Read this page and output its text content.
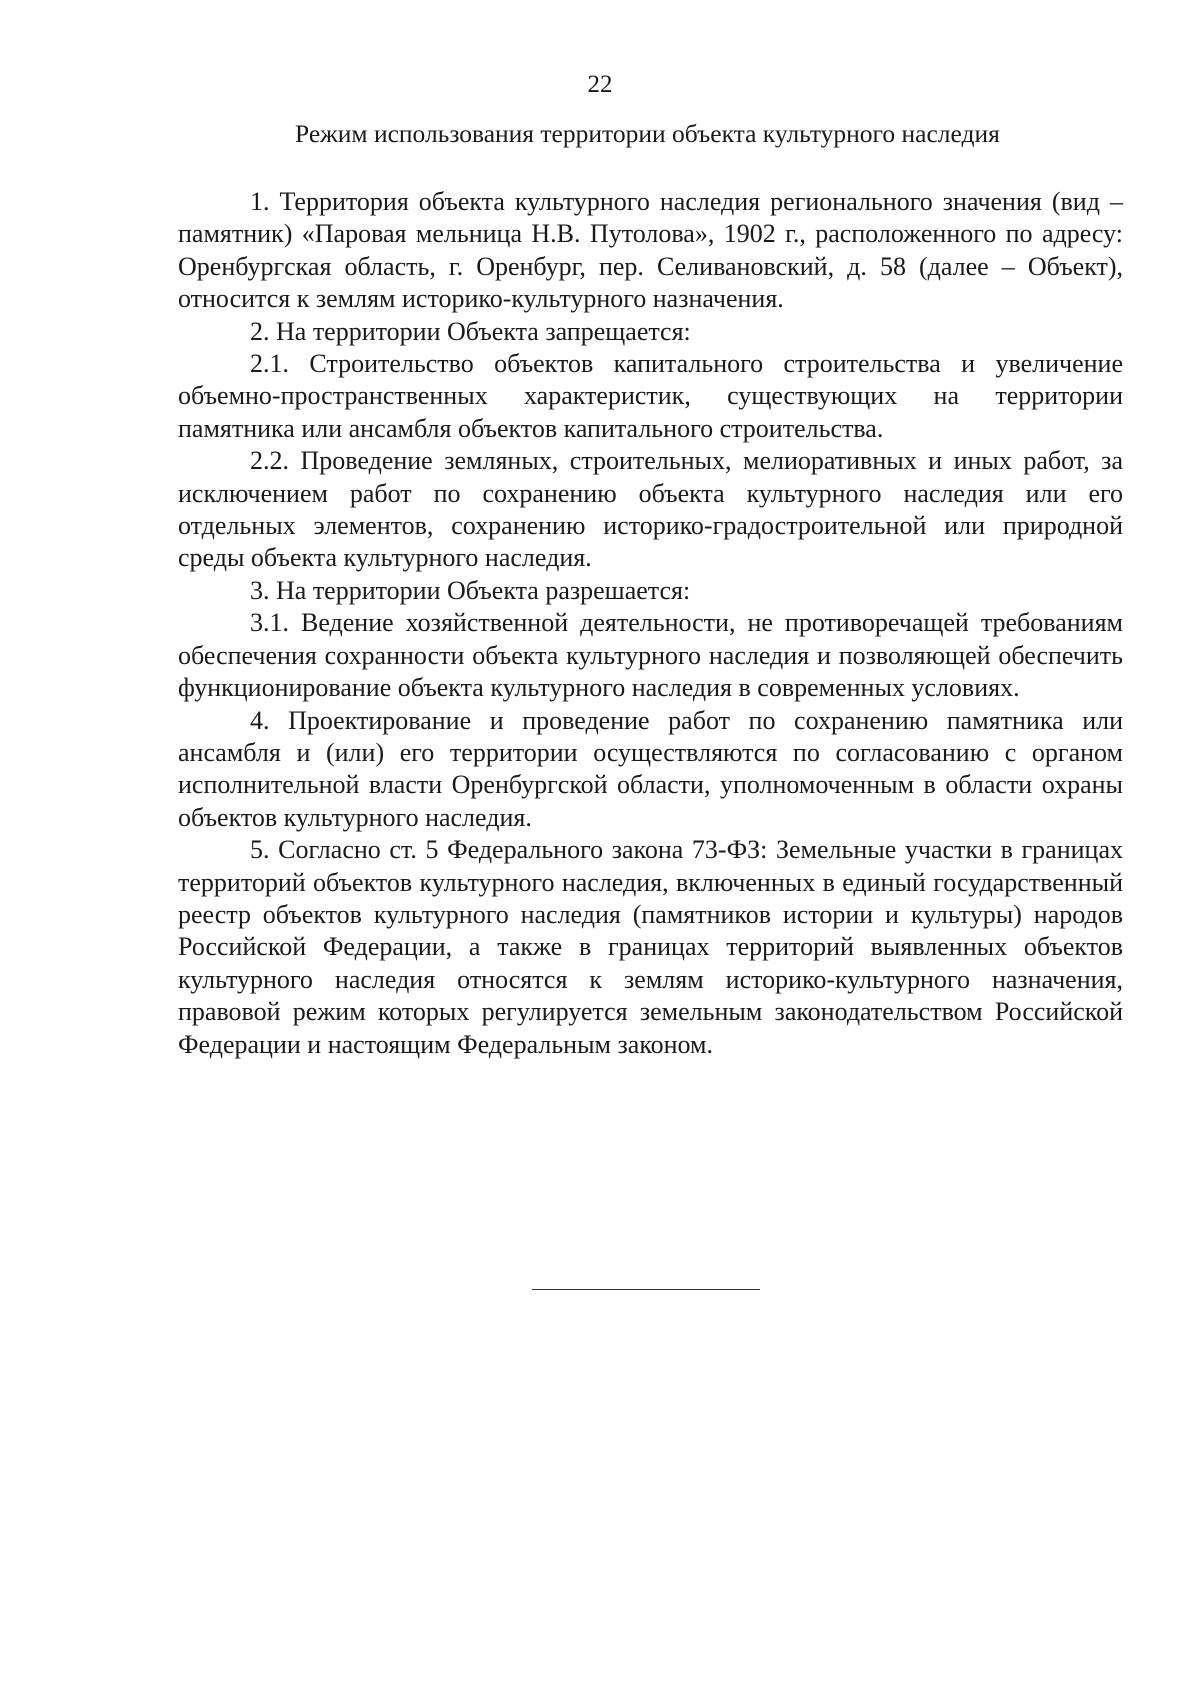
22
Режим использования территории объекта культурного наследия

1. Территория объекта культурного наследия регионального значения (вид – памятник) «Паровая мельница Н.В. Путолова», 1902 г., расположенного по адресу: Оренбургская область, г. Оренбург, пер. Селивановский, д. 58 (далее – Объект), относится к землям историко-культурного назначения.

2. На территории Объекта запрещается:

2.1. Строительство объектов капитального строительства и увеличение объемно-пространственных характеристик, существующих на территории памятника или ансамбля объектов капитального строительства.

2.2. Проведение земляных, строительных, мелиоративных и иных работ, за исключением работ по сохранению объекта культурного наследия или его отдельных элементов, сохранению историко-градостроительной или природной среды объекта культурного наследия.

3. На территории Объекта разрешается:

3.1. Ведение хозяйственной деятельности, не противоречащей требованиям обеспечения сохранности объекта культурного наследия и позволяющей обеспечить функционирование объекта культурного наследия в современных условиях.

4. Проектирование и проведение работ по сохранению памятника или ансамбля и (или) его территории осуществляются по согласованию с органом исполнительной власти Оренбургской области, уполномоченным в области охраны объектов культурного наследия.

5. Согласно ст. 5 Федерального закона 73-ФЗ: Земельные участки в границах территорий объектов культурного наследия, включенных в единый государственный реестр объектов культурного наследия (памятников истории и культуры) народов Российской Федерации, а также в границах территорий выявленных объектов культурного наследия относятся к землям историко-культурного назначения, правовой режим которых регулируется земельным законодательством Российской Федерации и настоящим Федеральным законом.
